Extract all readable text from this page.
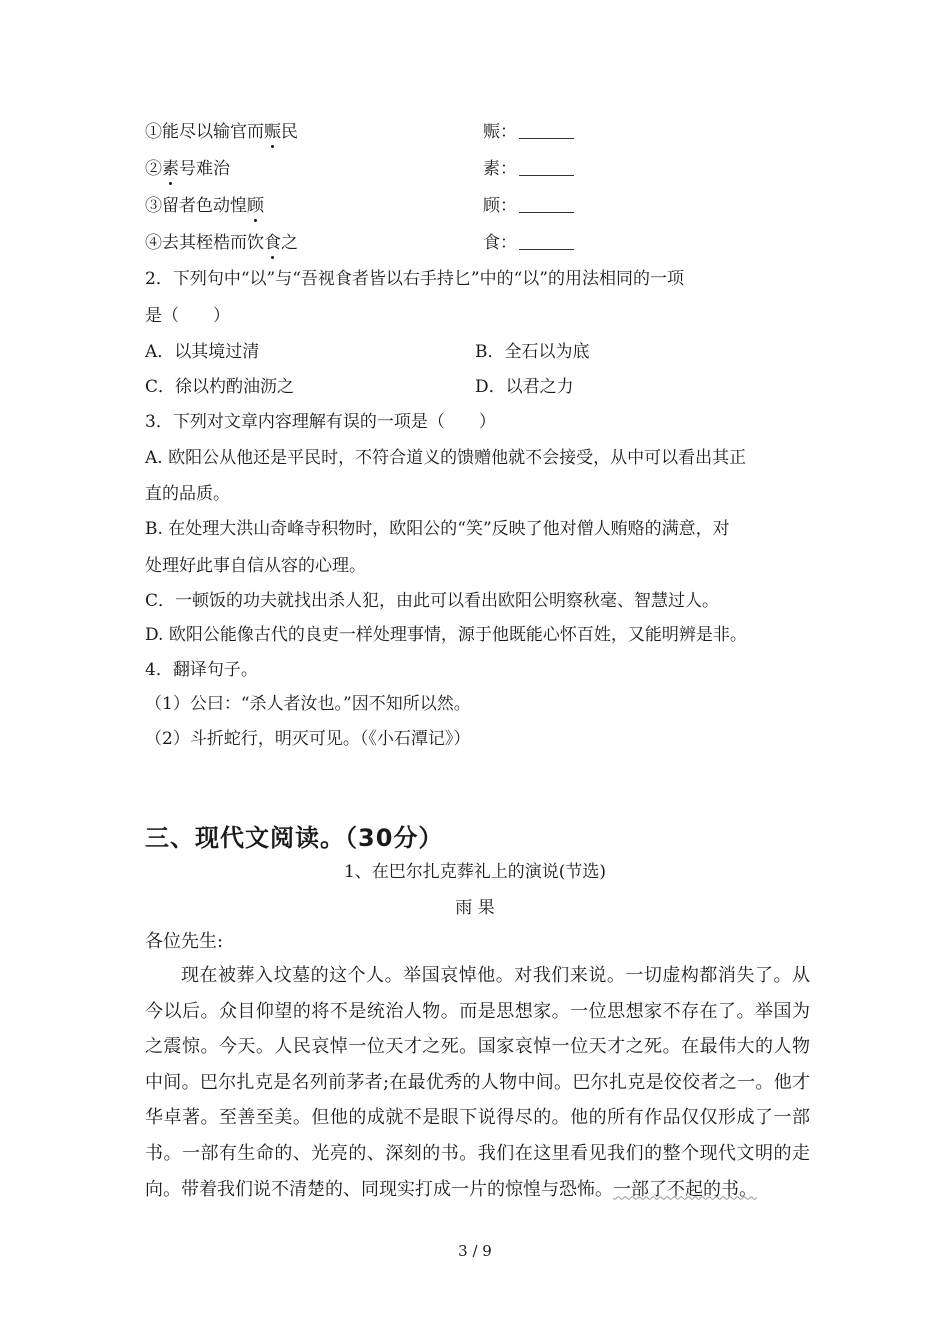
①能尽以输官而赈民	赈：
②素号难治	素：
③留者色动惶顾	顾：
④去其桎梏而饮食之	食：
2．下列句中“以”与“吾视食者皆以右手持匕”中的“以”的用法相同的一项
是（　　）
A．以其境过清	B．全石以为底
C．徐以杓酌油沥之	D．以君之力
3．下列对文章内容理解有误的一项是（　　）
A. 欧阳公从他还是平民时，不符合道义的馈赠他就不会接受，从中可以看出其正
直的品质。
B. 在处理大洪山奇峰寺积物时，欧阳公的“笑”反映了他对僧人贿赂的满意，对
处理好此事自信从容的心理。
C．一顿饭的功夫就找出杀人犯，由此可以看出欧阳公明察秋毫、智慧过人。
D. 欧阳公能像古代的良吏一样处理事情，源于他既能心怀百姓，又能明辨是非。
4．翻译句子。
（1）公曰：“杀人者汝也。”因不知所以然。
（2）斗折蛇行，明灭可见。（《小石潭记》）
三、现代文阅读。（30分）
1、在巴尔扎克葬礼上的演说(节选)
雨 果
各位先生:

现在被葬入坟墓的这个人。举国哀悼他。对我们来说。一切虚构都消失了。从今以后。众目仰望的将不是统治人物。而是思想家。一位思想家不存在了。举国为之震惊。今天。人民哀悼一位天才之死。国家哀悼一位天才之死。在最伟大的人物中间。巴尔扎克是名列前茅者;在最优秀的人物中间。巴尔扎克是佼佼者之一。他才华卓著。至善至美。但他的成就不是眼下说得尽的。他的所有作品仅仅形成了一部书。一部有生命的、光亮的、深刻的书。我们在这里看见我们的整个现代文明的走向。带着我们说不清楚的、同现实打成一片的惊惶与恐怖。一部了不起的书。

3 / 9
